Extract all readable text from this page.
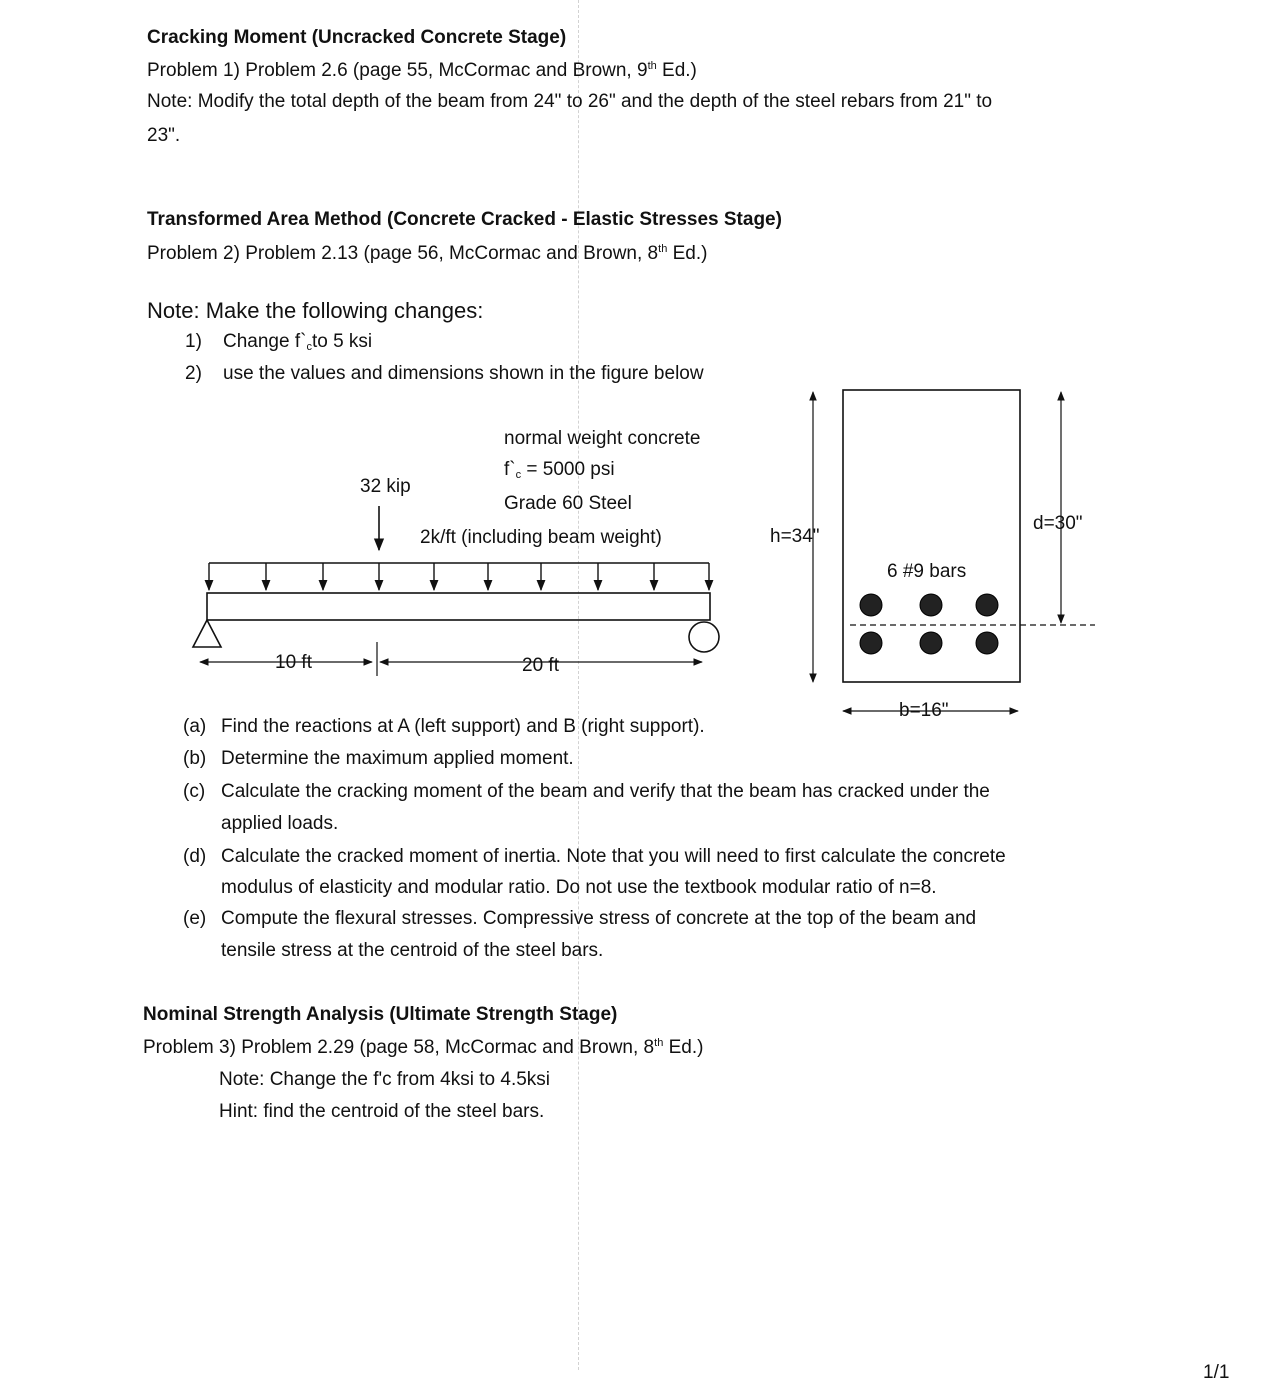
Cracking Moment (Uncracked Concrete Stage)
Problem 1) Problem 2.6 (page 55, McCormac and Brown, 9th Ed.)
Note: Modify the total depth of the beam from 24" to 26" and the depth of the steel rebars from 21" to
23".
Transformed Area Method (Concrete Cracked - Elastic Stresses Stage)
Problem 2) Problem 2.13 (page 56, McCormac and Brown, 8th Ed.)
Note: Make the following changes:
1) Change $f`_cto$ 5 ksi
2) use the values and dimensions shown in the figure below
normal weight concrete
$f`_c = 5000$ psi
Grade 60 Steel
32 kip
2k/ft (including beam weight)
10 ft	20 ft
h=34"
d=30"
6 #9 bars
b=16"
(a) Find the reactions at A (left support) and B (right support).
(b) Determine the maximum applied moment.
(c) Calculate the cracking moment of the beam and verify that the beam has cracked under the
applied loads.
(d) Calculate the cracked moment of inertia. Note that you will need to first calculate the concrete
modulus of elasticity and modular ratio. Do not use the textbook modular ratio of n=8.
(e) Compute the flexural stresses. Compressive stress of concrete at the top of the beam and
tensile stress at the centroid of the steel bars.
Nominal Strength Analysis (Ultimate Strength Stage)
Problem 3) Problem 2.29 (page 58, McCormac and Brown, 8th Ed.)
Note: Change the f'c from 4ksi to 4.5ksi
Hint: find the centroid of the steel bars.
1/1
